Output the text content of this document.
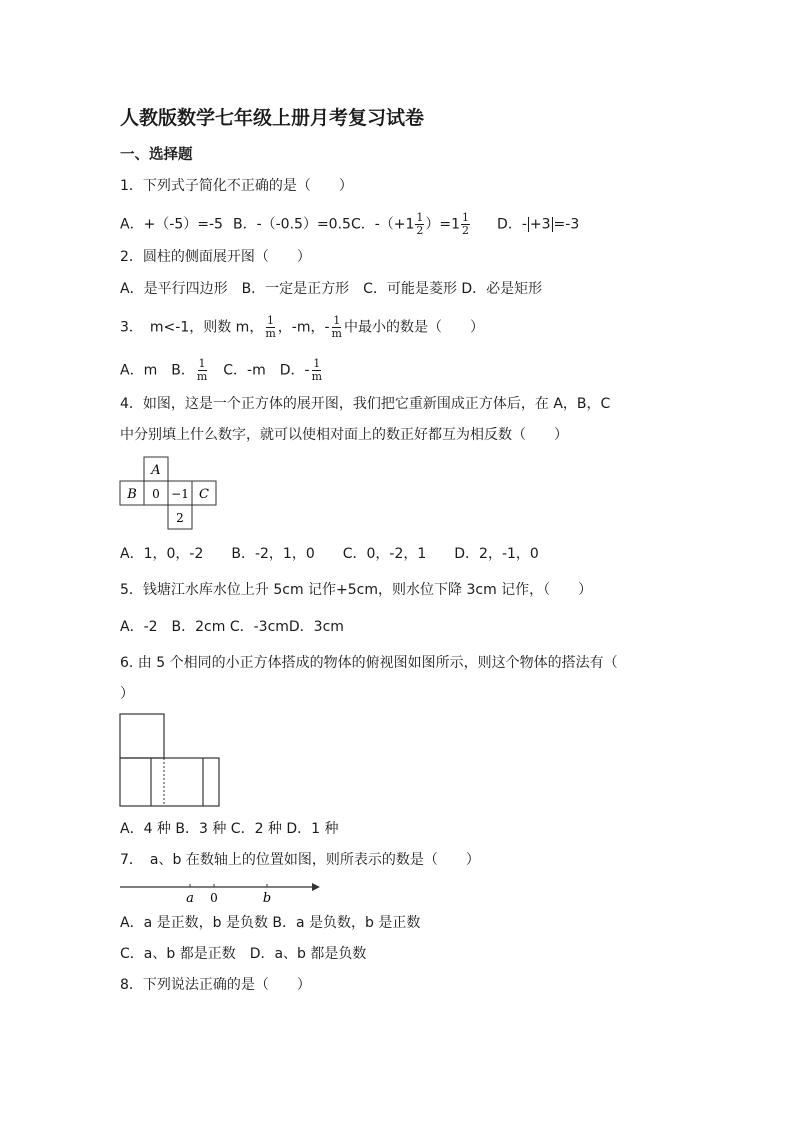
人教版数学七年级上册月考复习试卷
一、选择题
1．下列式子简化不正确的是（　　）
A．+（-5）=-5 B．-（-0.5）=0.5C．$-(+1 \frac{1}{2} )=1 \frac{1}{2}$ D．- +3 =-3
2．圆柱的侧面展开图（　　）
A．是平行四边形　B．一定是正方形　C．可能是菱形 D．必是矩形
3．　m<-1，则数 m， $\frac{1}{m}$ ，-m，- $\frac{1}{m}$ 中最小的数是（　　）
A．m　B． $\frac{1}{m}$ 　C．-m　D．- $\frac{1}{m}$
4．如图，这是一个正方体的展开图，我们把它重新围成正方体后，在 A，B，C
中分别填上什么数字，就可以使相对面上的数正好都互为相反数（　　）
A
B 0 −1 C
2
A．1，0，-2　　B．-2，1，0　　C．0，-2，1　　D．2，-1，0
5．钱塘江水库水位上升 5cm 记作+5cm，则水位下降 3cm 记作，（　　）
A．-2　B．2cm C．-3cmD．3cm
6. 由 5 个相同的小正方体搭成的物体的俯视图如图所示，则这个物体的搭法有（
）
A．4 种 B．3 种 C．2 种 D．1 种
7．　a、b 在数轴上的位置如图，则所表示的数是（　　）
a 0	b
A．a 是正数，b 是负数 B．a 是负数，b 是正数
C．a、b 都是正数　D．a、b 都是负数
8．下列说法正确的是（　　）
